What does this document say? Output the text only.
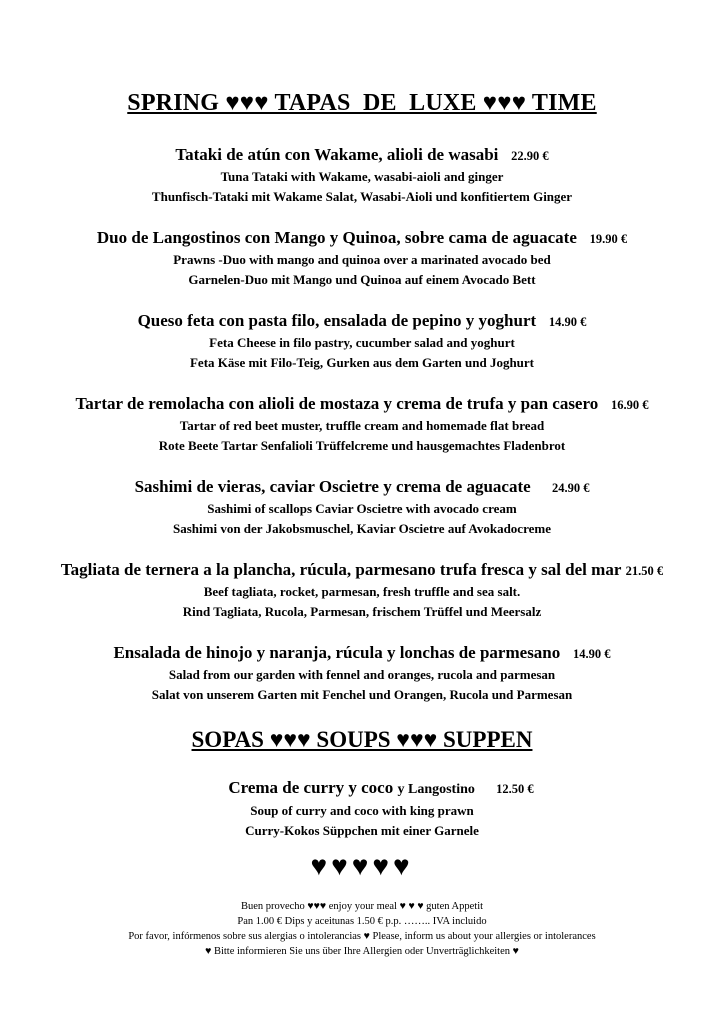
SPRING ♥♥♥ TAPAS  DE  LUXE ♥♥♥ TIME
Tataki de atún con Wakame, alioli de wasabi 22.90 €
Tuna Tataki with Wakame, wasabi-aioli and ginger
Thunfisch-Tataki mit Wakame Salat, Wasabi-Aioli und konfitiertem Ginger
Duo de Langostinos con Mango y Quinoa, sobre cama de aguacate 19.90 €
Prawns -Duo with mango and quinoa over a marinated avocado bed
Garnelen-Duo mit Mango und Quinoa auf einem Avocado Bett
Queso feta con pasta filo, ensalada de pepino y yoghurt 14.90 €
Feta Cheese in filo pastry, cucumber salad and yoghurt
Feta Käse mit Filo-Teig, Gurken aus dem Garten und Joghurt
Tartar de remolacha con alioli de mostaza y crema de trufa y pan casero 16.90 €
Tartar of red beet muster, truffle cream and homemade flat bread
Rote Beete Tartar Senfalioli Trüffelcreme und hausgemachtes Fladenbrot
Sashimi de vieras, caviar Oscietre y crema de aguacate 24.90 €
Sashimi of scallops Caviar Oscietre with avocado cream
Sashimi von der Jakobsmuschel, Kaviar Oscietre auf Avokadocreme
Tagliata de ternera a la plancha, rúcula, parmesano trufa fresca y sal del mar 21.50 €
Beef tagliata, rocket, parmesan, fresh truffle and sea salt.
Rind Tagliata, Rucola, Parmesan, frischem Trüffel und Meersalz
Ensalada de hinojo y naranja, rúcula y lonchas de parmesano 14.90 €
Salad from our garden with fennel and oranges, rucola and parmesan
Salat von unserem Garten mit Fenchel und Orangen, Rucola und Parmesan
SOPAS ♥♥♥ SOUPS ♥♥♥ SUPPEN
Crema de curry y coco y Langostino 12.50 €
Soup of curry and coco with king prawn
Curry-Kokos Süppchen mit einer Garnele
♥♥♥♥♥
Buen provecho ♥♥♥ enjoy your meal ♥ ♥ ♥ guten Appetit
Pan 1.00 € Dips y aceitunas 1.50 € p.p. …….. IVA incluido
Por favor, infórmenos sobre sus alergias o intolerancias ♥ Please, inform us about your allergies or intolerances
♥ Bitte informieren Sie uns über Ihre Allergien oder Unverträglichkeiten ♥
